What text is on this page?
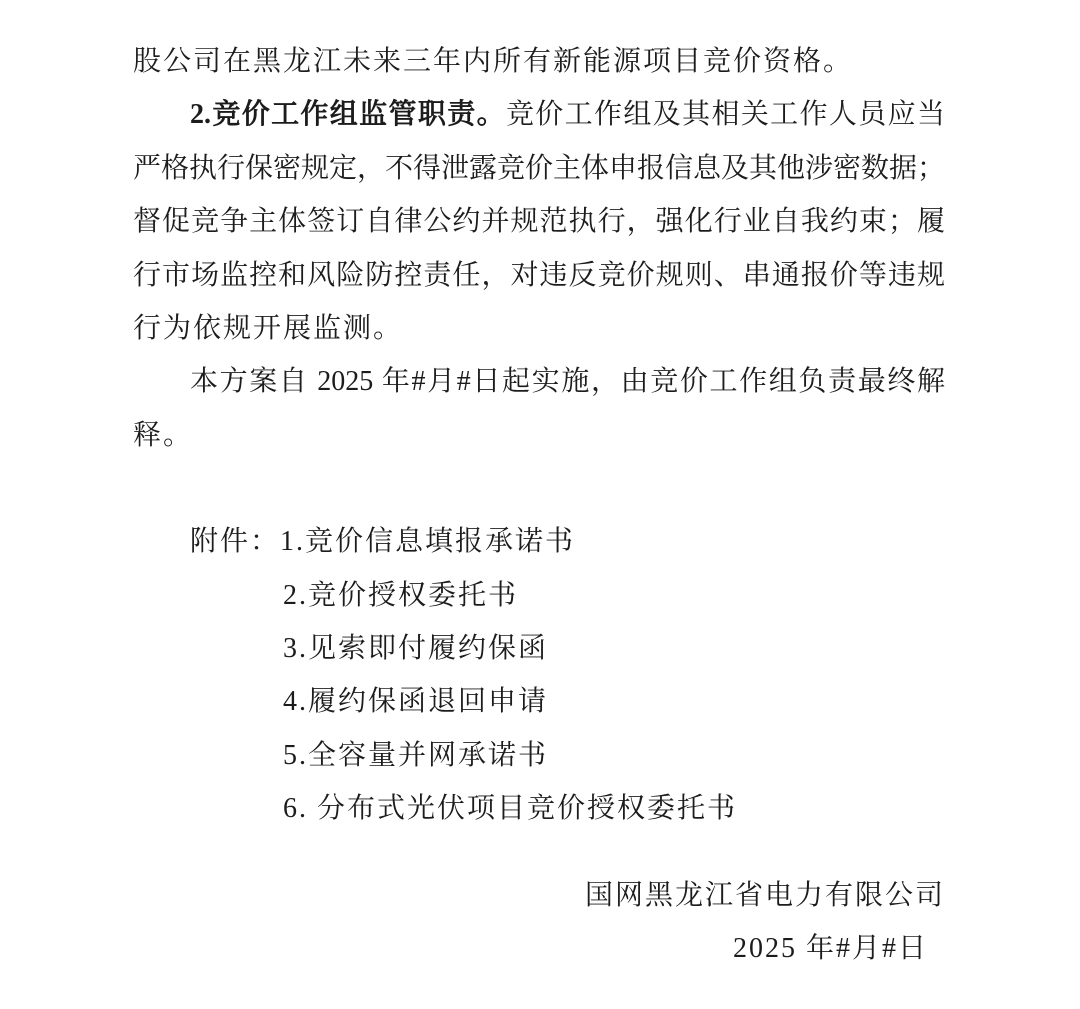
股公司在黑龙江未来三年内所有新能源项目竞价资格。
2.竞价工作组监管职责。竞价工作组及其相关工作人员应当
严格执行保密规定，不得泄露竞价主体申报信息及其他涉密数据；
督促竞争主体签订自律公约并规范执行，强化行业自我约束；履
行市场监控和风险防控责任，对违反竞价规则、串通报价等违规
行为依规开展监测。
本方案自 2025 年#月#日起实施，由竞价工作组负责最终解
释。
附件：1.竞价信息填报承诺书
2.竞价授权委托书
3.见索即付履约保函
4.履约保函退回申请
5.全容量并网承诺书
6. 分布式光伏项目竞价授权委托书
国网黑龙江省电力有限公司
2025 年#月#日
